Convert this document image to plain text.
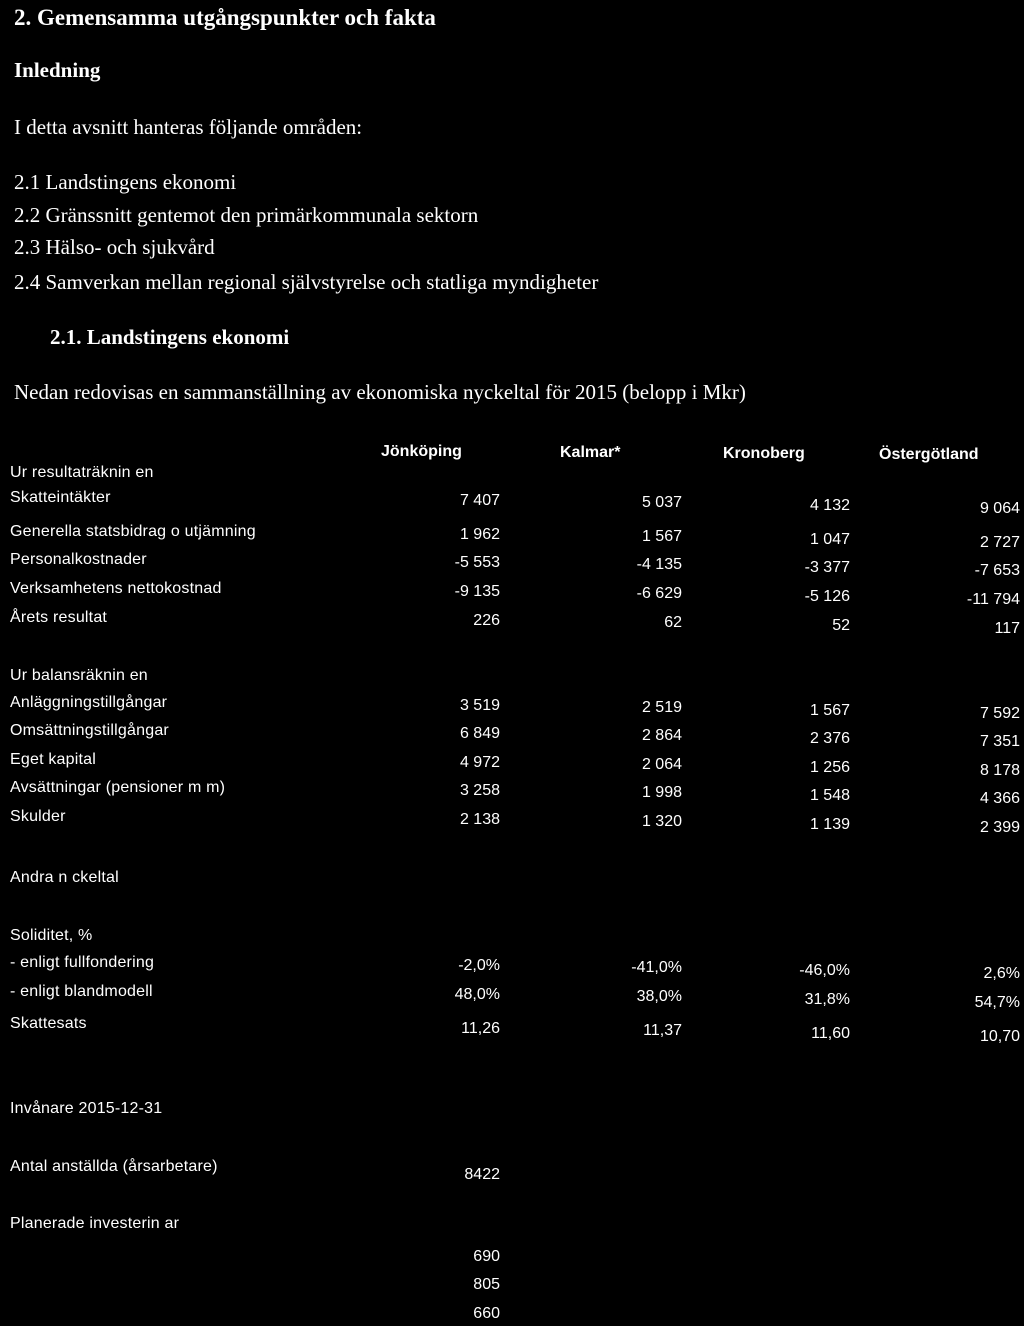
2. Gemensamma utgångspunkter och fakta
Inledning
I detta avsnitt hanteras följande områden:
2.1 Landstingens ekonomi
2.2 Gränssnitt gentemot den primärkommunala sektorn
2.3 Hälso- och sjukvård
2.4 Samverkan mellan regional självstyrelse och statliga myndigheter
2.1. Landstingens ekonomi
Nedan redovisas en sammanställning av ekonomiska nyckeltal för 2015 (belopp i Mkr)
Jönköping	Kalmar*	Kronoberg	Östergötland
Ur resultaträknin en
Skatteintäkter	7 407	5 037	4 132	9 064
Generella statsbidrag o utjämning	1 962	1 567	1 047	2 727
Personalkostnader	-5 553	-4 135	-3 377	-7 653
Verksamhetens nettokostnad	-9 135	-6 629	-5 126	-11 794
Årets resultat	226	62	52	117
Ur balansräknin en
Anläggningstillgångar	3 519	2 519	1 567	7 592
Omsättningstillgångar	6 849	2 864	2 376	7 351
Eget kapital	4 972	2 064	1 256	8 178
Avsättningar (pensioner m m)	3 258	1 998	1 548	4 366
Skulder	2 138	1 320	1 139	2 399
Andra n ckeltal
Soliditet, %
- enligt fullfondering	-2,0%	-41,0%	-46,0%	2,6%
- enligt blandmodell	48,0%	38,0%	31,8%	54,7%
Skattesats	11,26	11,37	11,60	10,70
Invånare 2015-12-31
Antal anställda (årsarbetare)	8422
Planerade investerin ar
690
805
660
